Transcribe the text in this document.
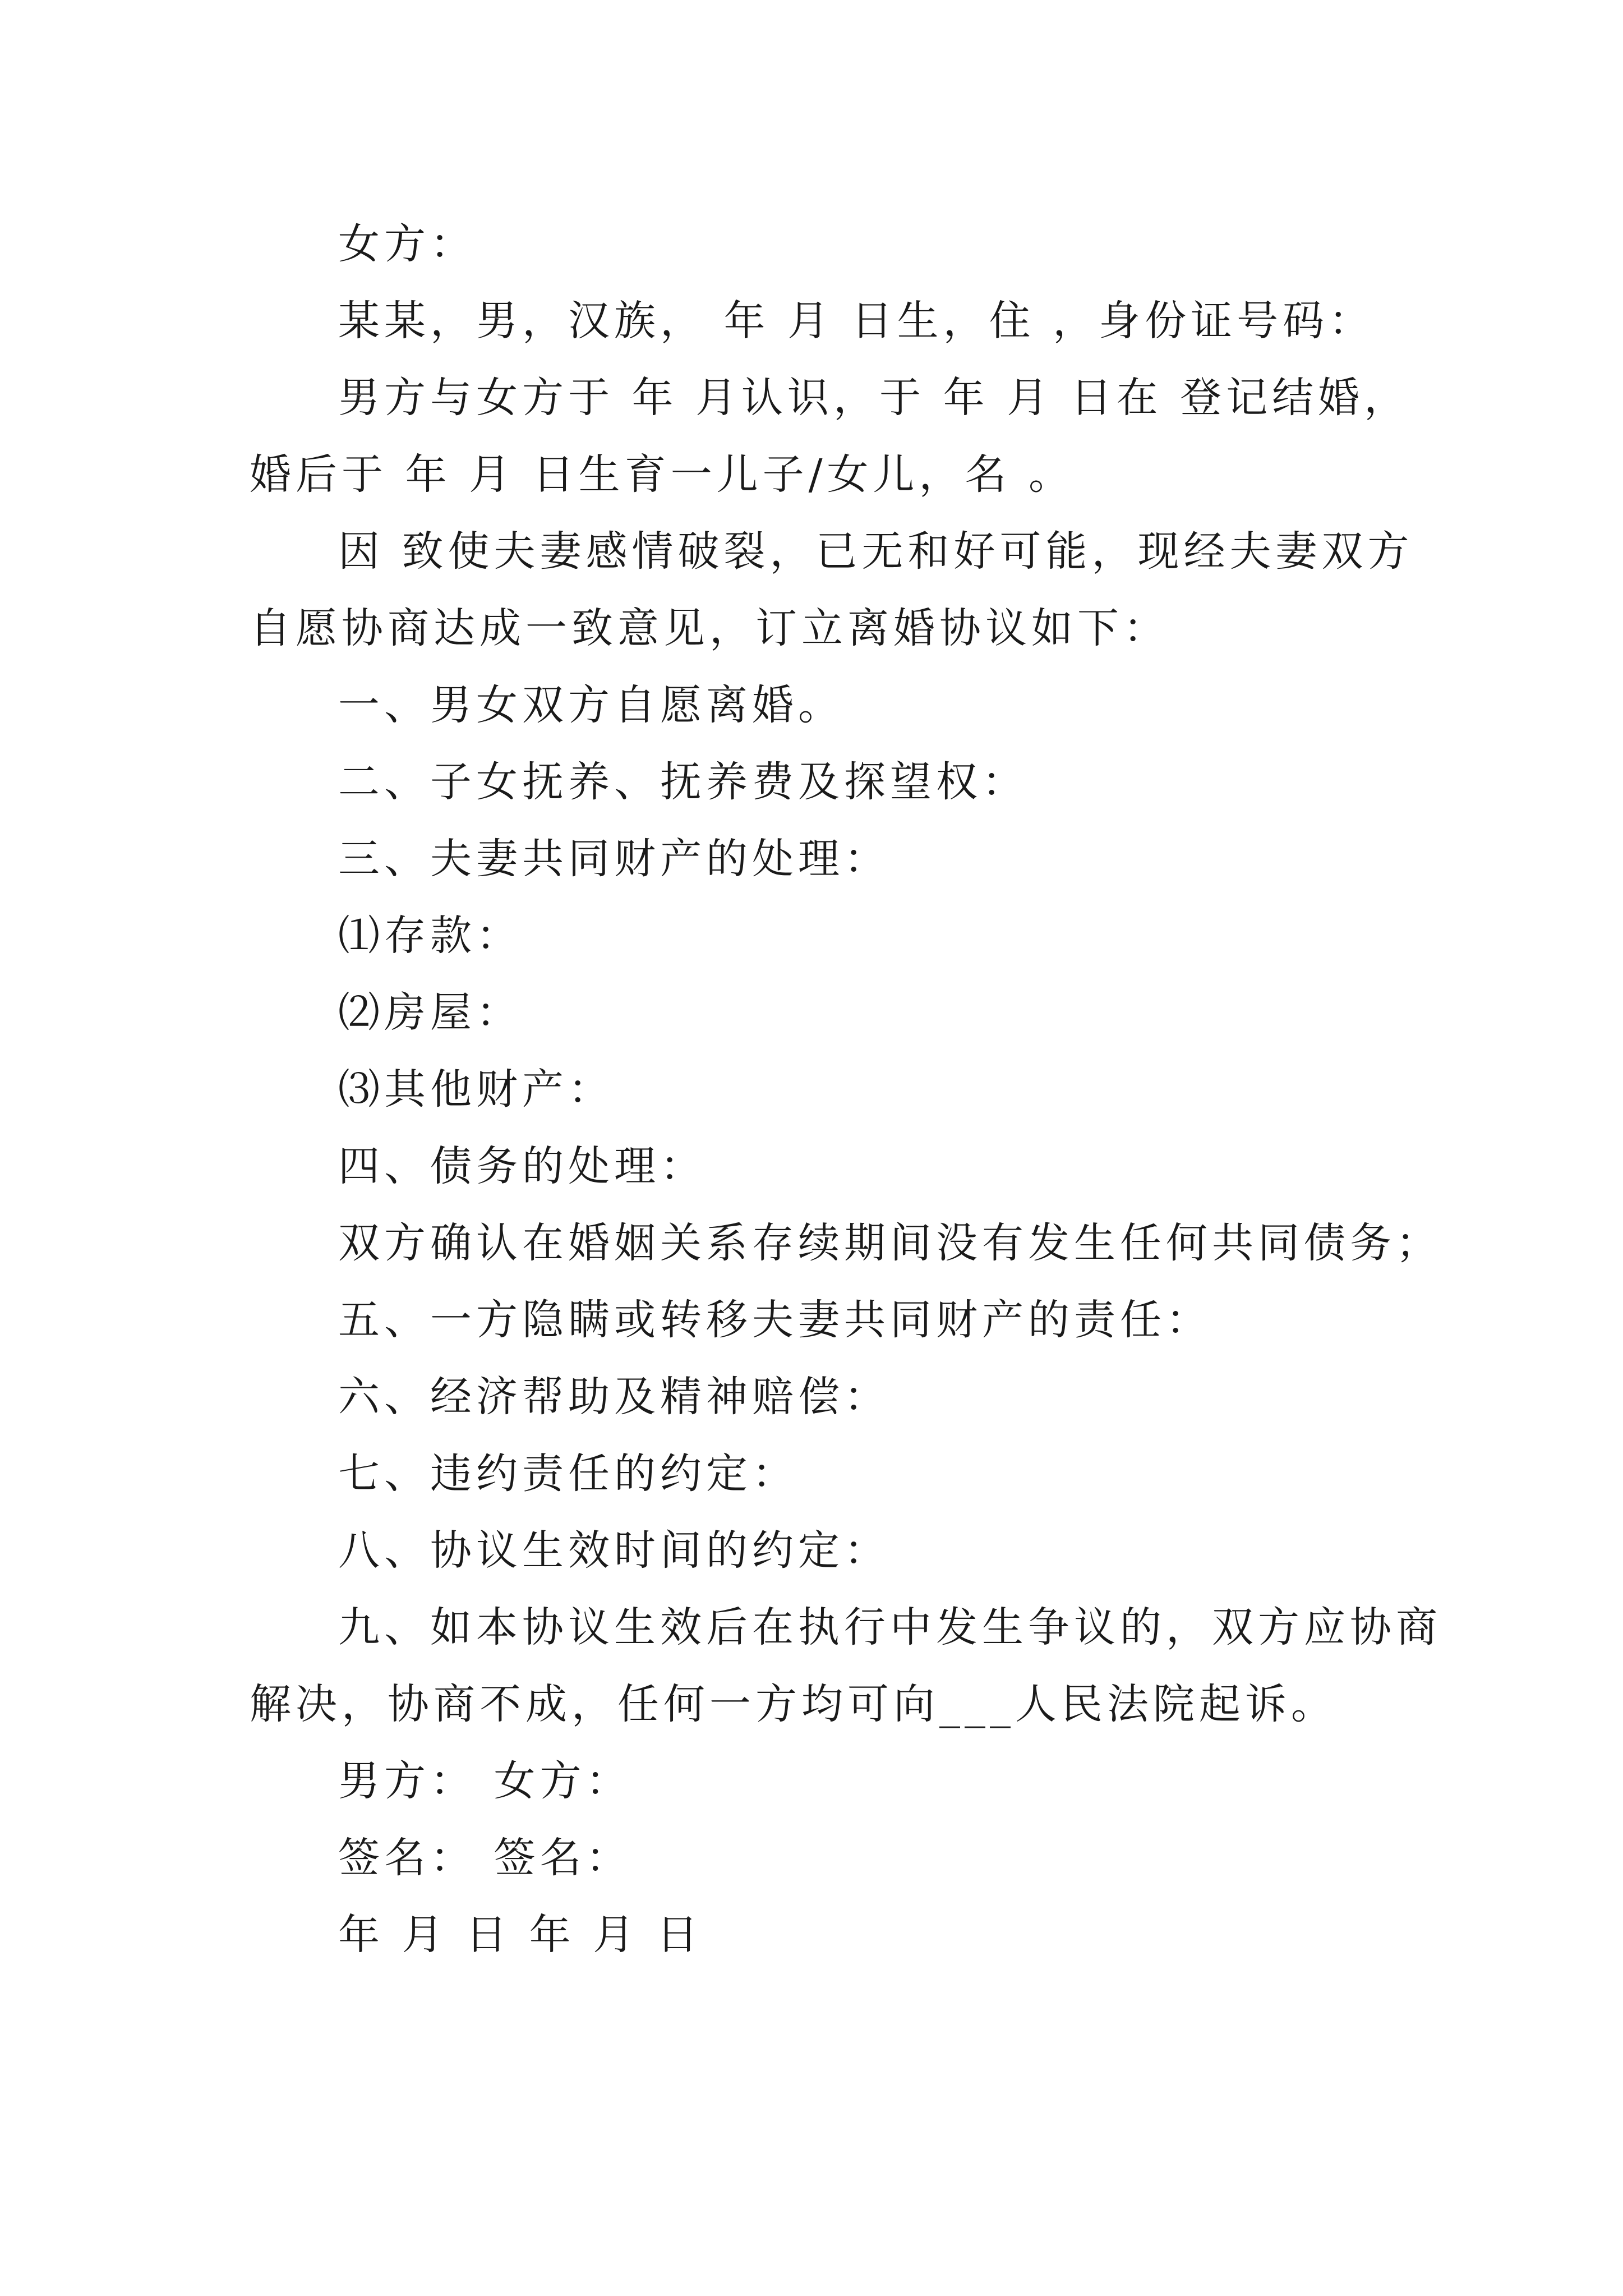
女方：
某某，男，汉族， 年 月 日生，住 ，身份证号码：
男方与女方于 年 月认识，于 年 月 日在 登记结婚，
婚后于 年 月 日生育一儿子/女儿，名 。
因 致使夫妻感情破裂，已无和好可能，现经夫妻双方
自愿协商达成一致意见，订立离婚协议如下：
一、男女双方自愿离婚。
二、子女抚养、抚养费及探望权：
三、夫妻共同财产的处理：
⑴存款：
⑵房屋：
⑶其他财产：
四、债务的处理：
双方确认在婚姻关系存续期间没有发生任何共同债务；
五、一方隐瞒或转移夫妻共同财产的责任：
六、经济帮助及精神赔偿：
七、违约责任的约定：
八、协议生效时间的约定：
九、如本协议生效后在执行中发生争议的，双方应协商
解决，协商不成，任何一方均可向___人民法院起诉。
男方： 女方：
签名： 签名：
年 月 日 年 月 日
